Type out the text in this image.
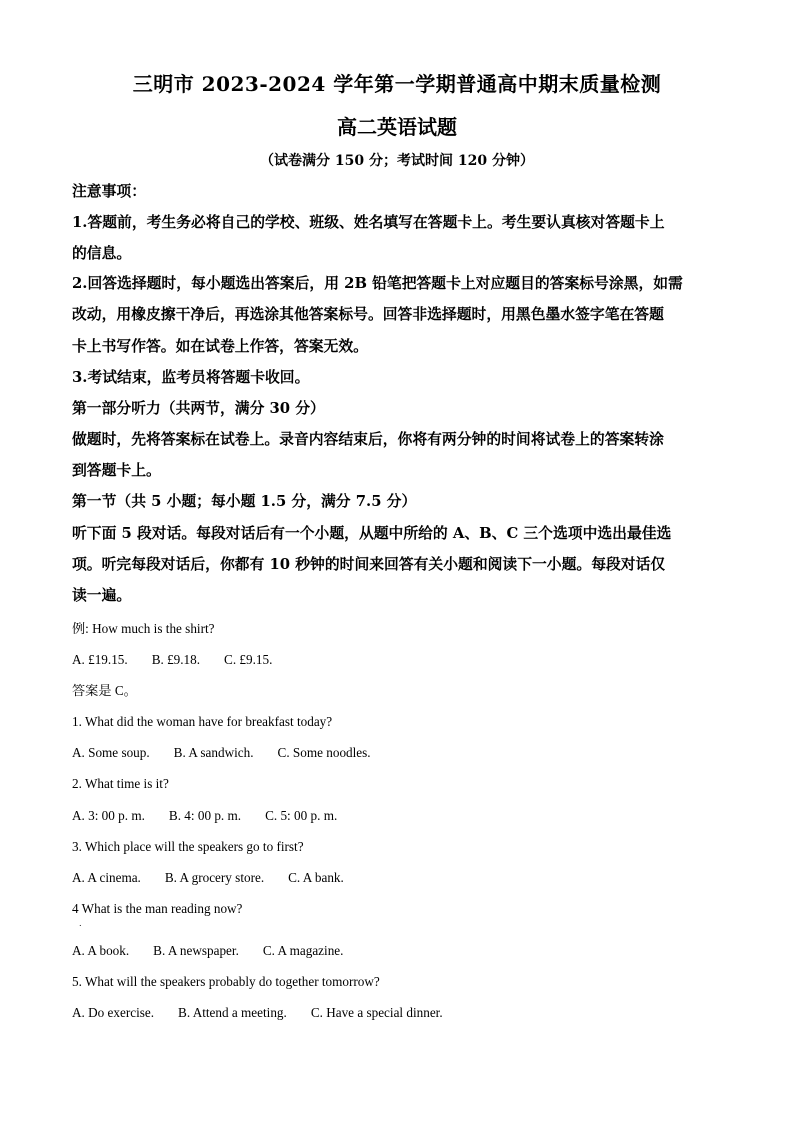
三明市 2023-2024 学年第一学期普通高中期末质量检测
高二英语试题
（试卷满分 150 分；考试时间 120 分钟）
注意事项：
1.答题前，考生务必将自己的学校、班级、姓名填写在答题卡上。考生要认真核对答题卡上
的信息。
2.回答选择题时，每小题选出答案后，用 2B 铅笔把答题卡上对应题目的答案标号涂黑，如需
改动，用橡皮擦干净后，再选涂其他答案标号。回答非选择题时，用黑色墨水签字笔在答题
卡上书写作答。如在试卷上作答，答案无效。
3.考试结束，监考员将答题卡收回。
第一部分听力（共两节，满分 30 分）
做题时，先将答案标在试卷上。录音内容结束后，你将有两分钟的时间将试卷上的答案转涂
到答题卡上。
第一节（共 5 小题；每小题 1.5 分，满分 7.5 分）
听下面 5 段对话。每段对话后有一个小题，从题中所给的 A、B、C 三个选项中选出最佳选
项。听完每段对话后，你都有 10 秒钟的时间来回答有关小题和阅读下一小题。每段对话仅
读一遍。
例: How much is the shirt?
A. £19.15. B. £9.18. C. £9.15.
答案是 C。
1. What did the woman have for breakfast today?
A. Some soup. B. A sandwich. C. Some noodles.
2. What time is it?
A. 3: 00 p. m. B. 4: 00 p. m. C. 5: 00 p. m.
3. Which place will the speakers go to first?
A. A cinema. B. A grocery store. C. A bank.
4 What is the man reading now?
.
A. A book. B. A newspaper. C. A magazine.
5. What will the speakers probably do together tomorrow?
A. Do exercise. B. Attend a meeting. C. Have a special dinner.
